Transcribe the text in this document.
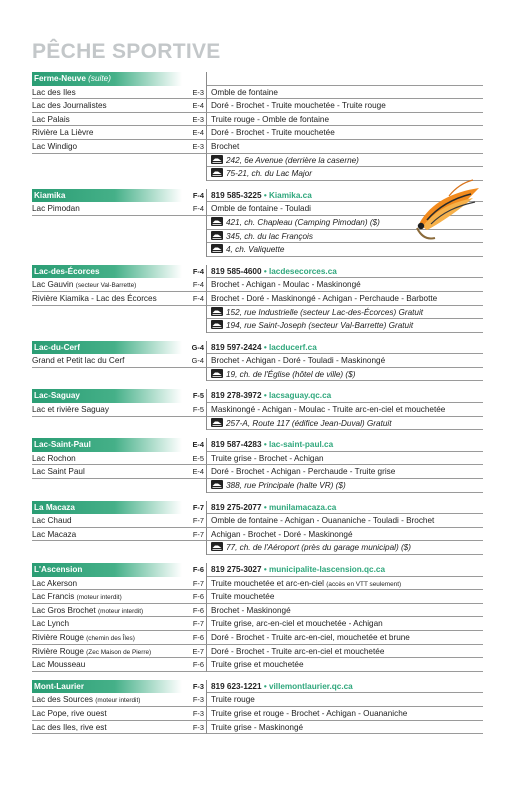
PÊCHE SPORTIVE
Ferme-Neuve (suite)
Lac des Iles	E-3 Omble de fontaine
Lac des Journalistes	E-4 Doré - Brochet - Truite mouchetée - Truite rouge
Lac Palais	E-3 Truite rouge - Omble de fontaine
Rivière La Lièvre	E-4 Doré - Brochet - Truite mouchetée
Lac Windigo	E-3 Brochet
242, 6e Avenue (derrière la caserne)
75-21, ch. du Lac Major
Kiamika	F-4 819 585-3225 • Kiamika.ca
Lac Pimodan	F-4 Omble de fontaine - Touladi
421, ch. Chapleau (Camping Pimodan) ($)
345, ch. du lac François
4, ch. Valiquette
Lac-des-Écorces	F-4 819 585-4600 • lacdesecorces.ca
Lac Gauvin (secteur Val-Barrette)	F-4 Brochet - Achigan - Moulac - Maskinongé
Rivière Kiamika - Lac des Écorces	F-4 Brochet - Doré - Maskinongé - Achigan - Perchaude - Barbotte
152, rue Industrielle (secteur Lac-des-Écorces) Gratuit
194, rue Saint-Joseph (secteur Val-Barrette) Gratuit
Lac-du-Cerf	G-4 819 597-2424 • lacducerf.ca
Grand et Petit lac du Cerf	G-4 Brochet - Achigan - Doré - Touladi - Maskinongé
19, ch. de l'Église (hôtel de ville) ($)
Lac-Saguay	F-5 819 278-3972 • lacsaguay.qc.ca
Lac et rivière Saguay	F-5 Maskinongé - Achigan - Moulac - Truite arc-en-ciel et mouchetée
257-A, Route 117 (édifice Jean-Duval) Gratuit
Lac-Saint-Paul	E-4 819 587-4283 • lac-saint-paul.ca
Lac Rochon	E-5 Truite grise - Brochet - Achigan
Lac Saint Paul	E-4 Doré - Brochet - Achigan - Perchaude - Truite grise
388, rue Principale (halte VR) ($)
La Macaza	F-7 819 275-2077 • munilamacaza.ca
Lac Chaud	F-7 Omble de fontaine - Achigan - Ouananiche - Touladi - Brochet
Lac Macaza	F-7 Achigan - Brochet - Doré - Maskinongé
77, ch. de l'Aéroport (près du garage municipal) ($)
L'Ascension	F-6 819 275-3027 • municipalite-lascension.qc.ca
Lac Akerson	F-7 Truite mouchetée et arc-en-ciel (accès en VTT seulement)
Lac Francis (moteur interdit)	F-6 Truite mouchetée
Lac Gros Brochet (moteur interdit)	F-6 Brochet - Maskinongé
Lac Lynch	F-7 Truite grise, arc-en-ciel et mouchetée - Achigan
Rivière Rouge (chemin des Îles)	F-6 Doré - Brochet - Truite arc-en-ciel, mouchetée et brune
Rivière Rouge (Zec Maison de Pierre)	E-7 Doré - Brochet - Truite arc-en-ciel et mouchetée
Lac Mousseau	F-6 Truite grise et mouchetée
Mont-Laurier	F-3 819 623-1221 • villemontlaurier.qc.ca
Lac des Sources (moteur interdit)	F-3 Truite rouge
Lac Pope, rive ouest	F-3 Truite grise et rouge - Brochet - Achigan - Ouananiche
Lac des Iles, rive est	F-3 Truite grise - Maskinongé
